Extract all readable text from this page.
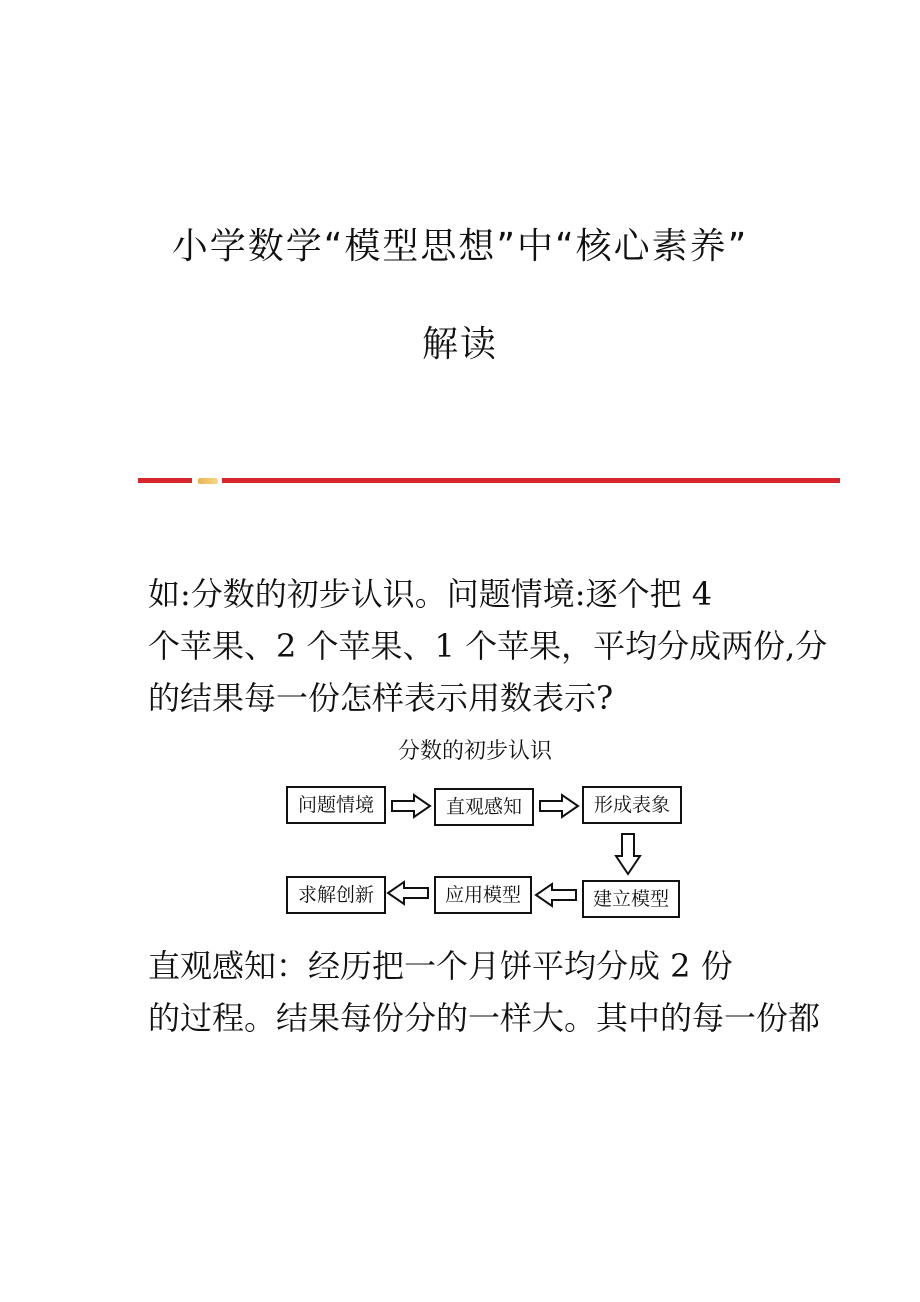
小学数学“模型思想”中“核心素养”
解读
如:分数的初步认识。问题情境:逐个把 4
个苹果、2 个苹果、1 个苹果，平均分成两份,分
的结果每一份怎样表示用数表示?
分数的初步认识
问题情境	直观感知	形成表象
求解创新	应用模型	建立模型
直观感知：经历把一个月饼平均分成 2 份
的过程。结果每份分的一样大。其中的每一份都
